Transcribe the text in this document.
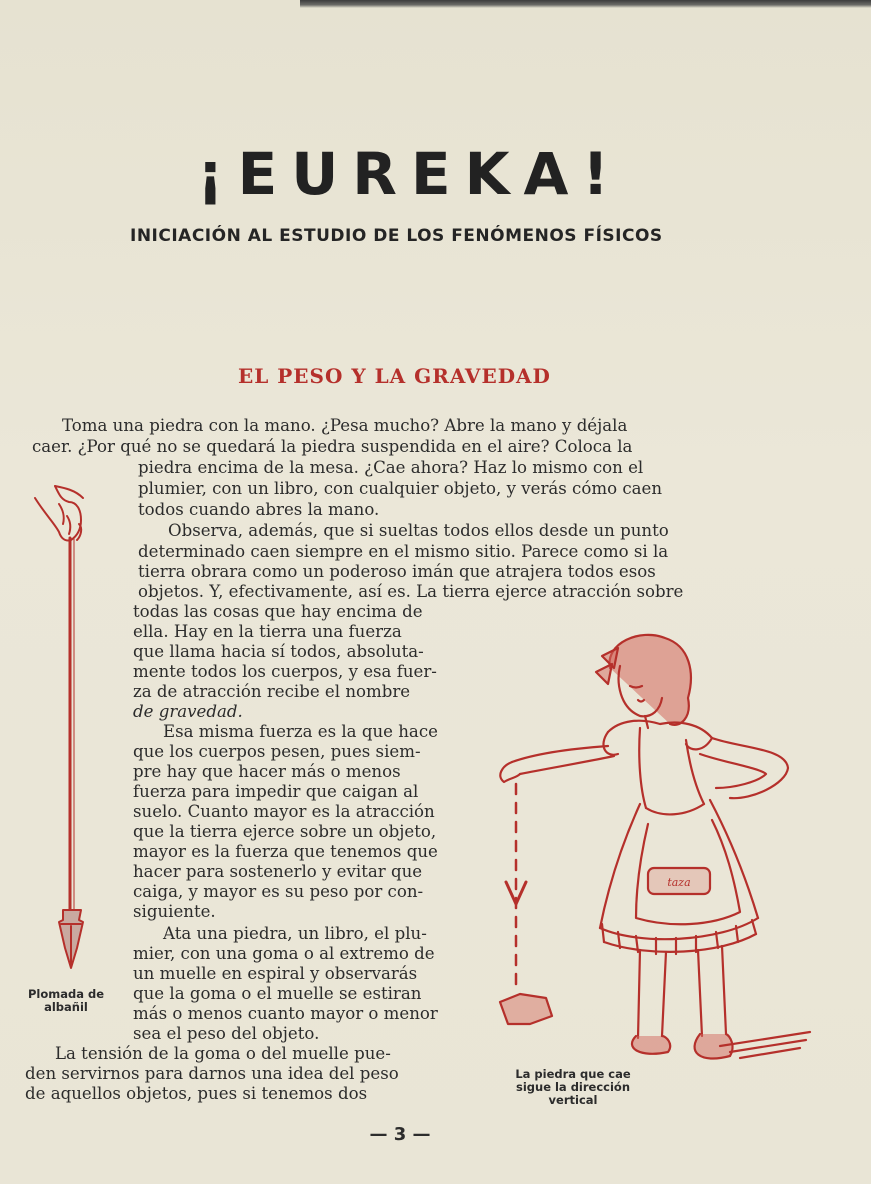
¡EUREKA!
INICIACIÓN AL ESTUDIO DE LOS FENÓMENOS FÍSICOS
EL PESO Y LA GRAVEDAD
Toma una piedra con la mano. ¿Pesa mucho? Abre la mano y déjala
caer. ¿Por qué no se quedará la piedra suspendida en el aire? Coloca la
piedra encima de la mesa. ¿Cae ahora? Haz lo mismo con el
plumier, con un libro, con cualquier objeto, y verás cómo caen
todos cuando abres la mano.
Observa, además, que si sueltas todos ellos desde un punto
determinado caen siempre en el mismo sitio. Parece como si la
tierra obrara como un poderoso imán que atrajera todos esos
objetos. Y, efectivamente, así es. La tierra ejerce atracción sobre
todas las cosas que hay encima de
ella. Hay en la tierra una fuerza
que llama hacia sí todos, absoluta-
mente todos los cuerpos, y esa fuer-
za de atracción recibe el nombre
de gravedad.
Esa misma fuerza es la que hace
que los cuerpos pesen, pues siem-
pre hay que hacer más o menos
fuerza para impedir que caigan al
suelo. Cuanto mayor es la atracción
que la tierra ejerce sobre un objeto,
mayor es la fuerza que tenemos que
hacer para sostenerlo y evitar que
caiga, y mayor es su peso por con-
siguiente.
Ata una piedra, un libro, el plu-
mier, con una goma o al extremo de
un muelle en espiral y observarás
que la goma o el muelle se estiran
más o menos cuanto mayor o menor
sea el peso del objeto.
La tensión de la goma o del muelle pue-
den servirnos para darnos una idea del peso
de aquellos objetos, pues si tenemos dos
Plomada de
albañil
taza
La piedra que cae
sigue la dirección
vertical
— 3 —
